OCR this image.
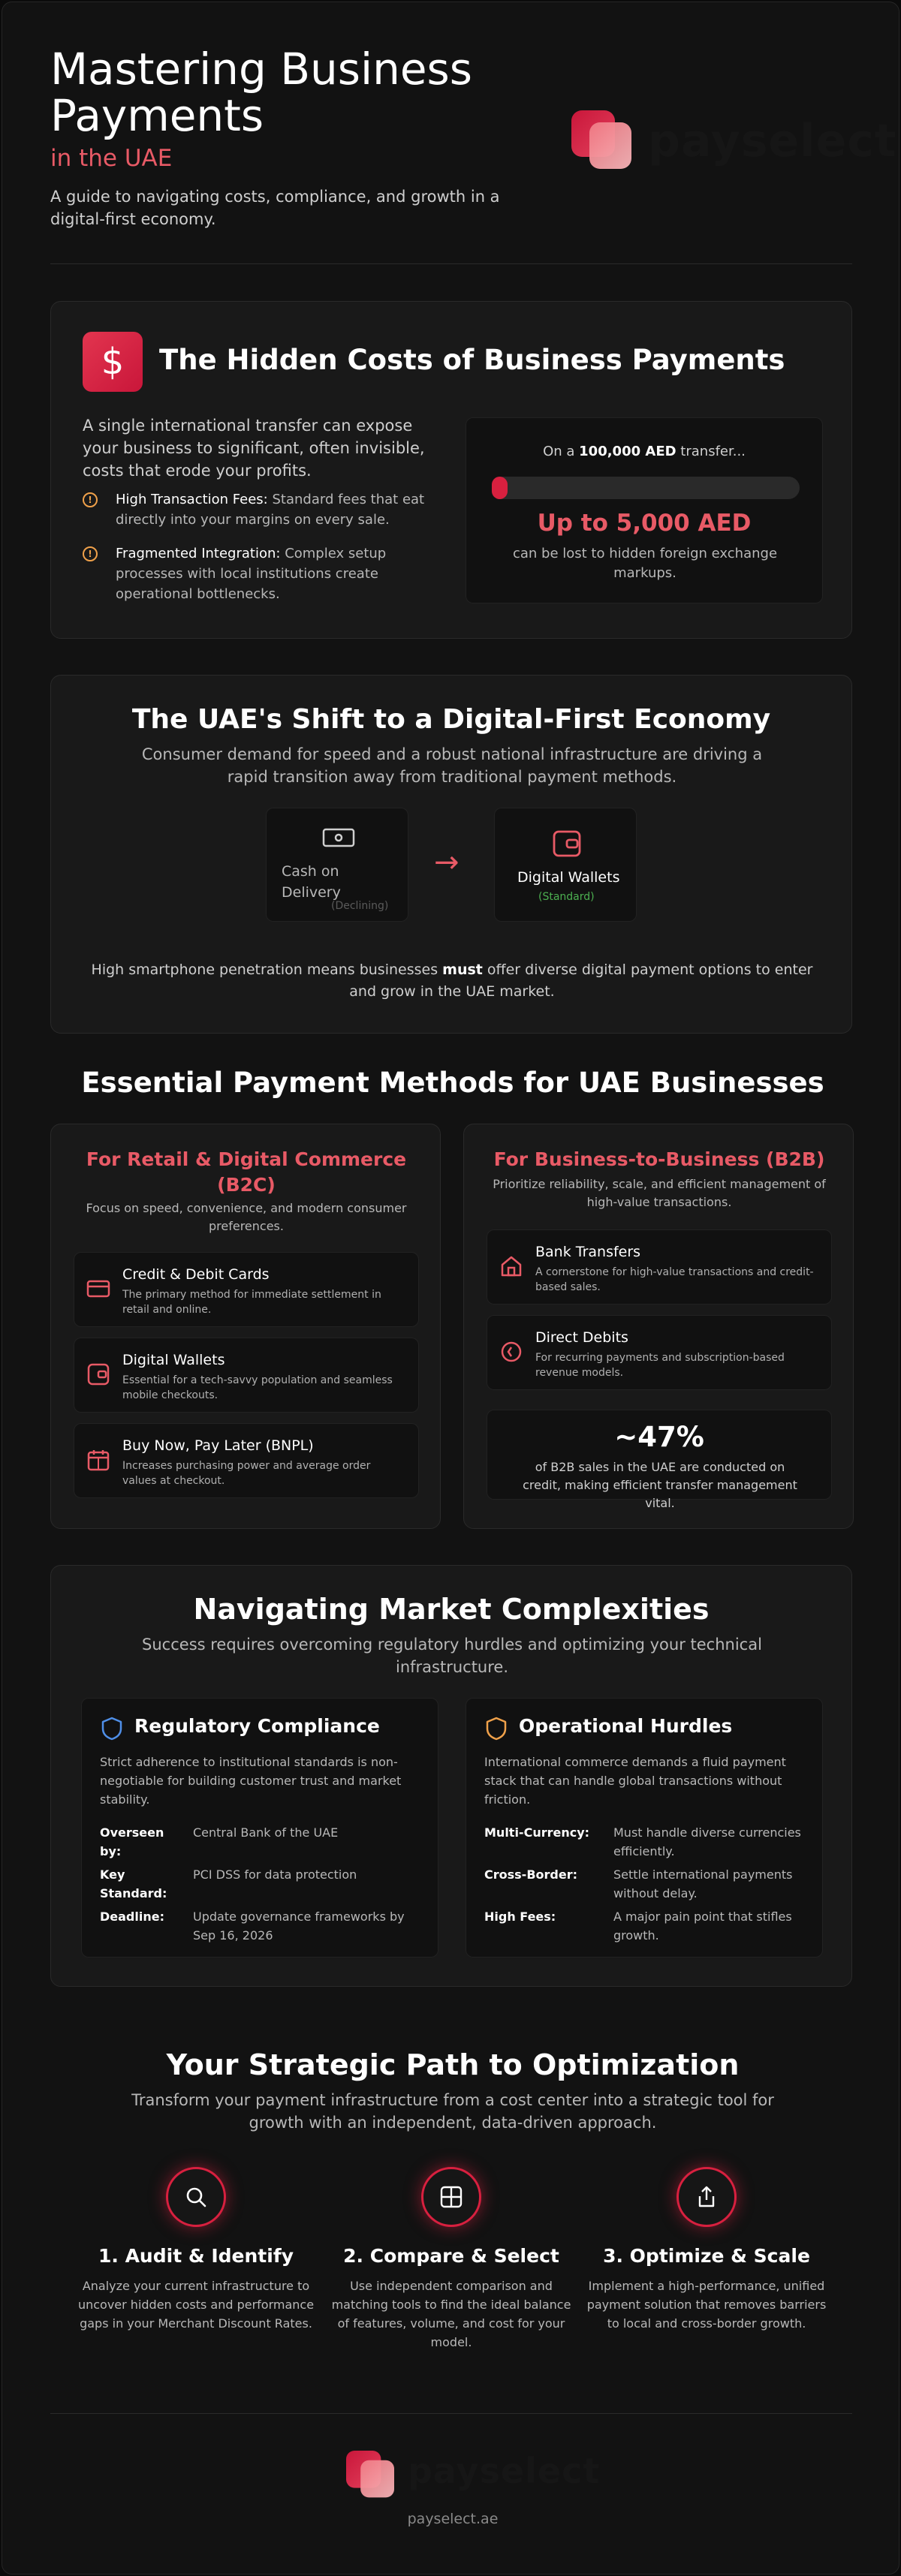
Mastering Business Payments
in the UAE

A guide to navigating costs, compliance, and growth in a digital-first economy.

payselect
$	The Hidden Costs of Business Payments

A single international transfer can expose your business to significant, often invisible, costs that erode your profits.

!	High Transaction Fees: Standard fees that eat directly into your margins on every sale.
!	Fragmented Integration: Complex setup processes with local institutions create operational bottlenecks.
On a 100,000 AED transfer...
Up to 5,000 AED
can be lost to hidden foreign exchange markups.
The UAE's Shift to a Digital-First Economy

Consumer demand for speed and a robust national infrastructure are driving a rapid transition away from traditional payment methods.

Cash on Delivery
(Declining)
→	Digital Wallets
(Standard)

High smartphone penetration means businesses must offer diverse digital payment options to enter and grow in the UAE market.

Essential Payment Methods for UAE Businesses
For Retail & Digital Commerce (B2C)

Focus on speed, convenience, and modern consumer preferences.

Credit & Debit Cards
The primary method for immediate settlement in retail and online.
Digital Wallets
Essential for a tech-savvy population and seamless mobile checkouts.
Buy Now, Pay Later (BNPL)
Increases purchasing power and average order values at checkout.
For Business-to-Business (B2B)

Prioritize reliability, scale, and efficient management of high-value transactions.

Bank Transfers
A cornerstone for high-value transactions and credit-based sales.
Direct Debits
For recurring payments and subscription-based revenue models.
~47%
of B2B sales in the UAE are conducted on credit, making efficient transfer management vital.
Navigating Market Complexities

Success requires overcoming regulatory hurdles and optimizing your technical infrastructure.

Regulatory Compliance
Strict adherence to institutional standards is non-negotiable for building customer trust and market stability.
Overseen by:
Central Bank of the UAE
Key Standard:
PCI DSS for data protection
Deadline:	Update governance frameworks by Sep 16, 2026
Operational Hurdles
International commerce demands a fluid payment stack that can handle global transactions without friction.
Multi-Currency:	Must handle diverse currencies efficiently.
Cross-Border:	Settle international payments without delay.
High Fees:	A major pain point that stifles growth.
Your Strategic Path to Optimization

Transform your payment infrastructure from a cost center into a strategic tool for growth with an independent, data-driven approach.

1. Audit & Identify	2. Compare & Select	3. Optimize & Scale
Analyze your current infrastructure to uncover hidden costs and performance gaps in your Merchant Discount Rates.
Use independent comparison and matching tools to find the ideal balance of features, volume, and cost for your model.
Implement a high-performance, unified payment solution that removes barriers to local and cross-border growth.
payselect
payselect.ae
